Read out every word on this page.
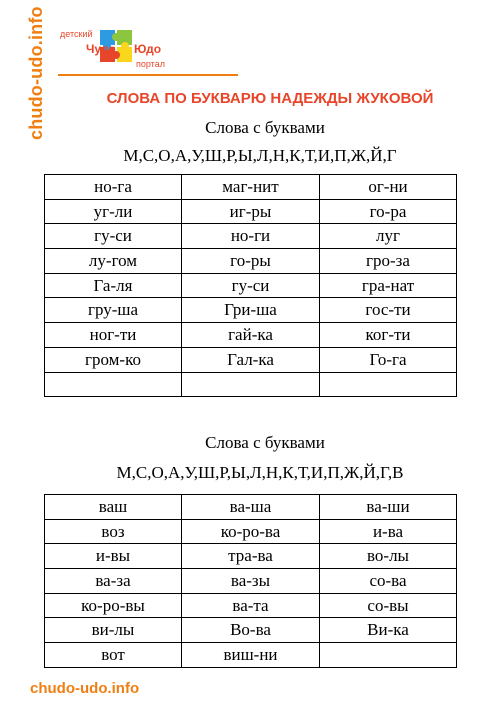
chudo-udo.info детский
Чудо Юдо
портал
СЛОВА ПО БУКВАРЮ НАДЕЖДЫ ЖУКОВОЙ
Слова с буквами
М,С,О,А,У,Ш,Р,Ы,Л,Н,К,Т,И,П,Ж,Й,Г
но-га	маг-нит	ог-ни
уг-ли	иг-ры	го-ра
гу-си	но-ги	луг
лу-гом	го-ры	гро-за
Га-ля	гу-си	гра-нат
гру-ша	Гри-ша	гос-ти
ног-ти	гай-ка	ког-ти
гром-ко	Гал-ка	Го-га

Слова с буквами
М,С,О,А,У,Ш,Р,Ы,Л,Н,К,Т,И,П,Ж,Й,Г,В
ваш	ва-ша	ва-ши
воз	ко-ро-ва	и-ва
и-вы	тра-ва	во-лы
ва-за	ва-зы	со-ва
ко-ро-вы	ва-та	со-вы
ви-лы	Во-ва	Ви-ка
вот	виш-ни	
chudo-udo.info
